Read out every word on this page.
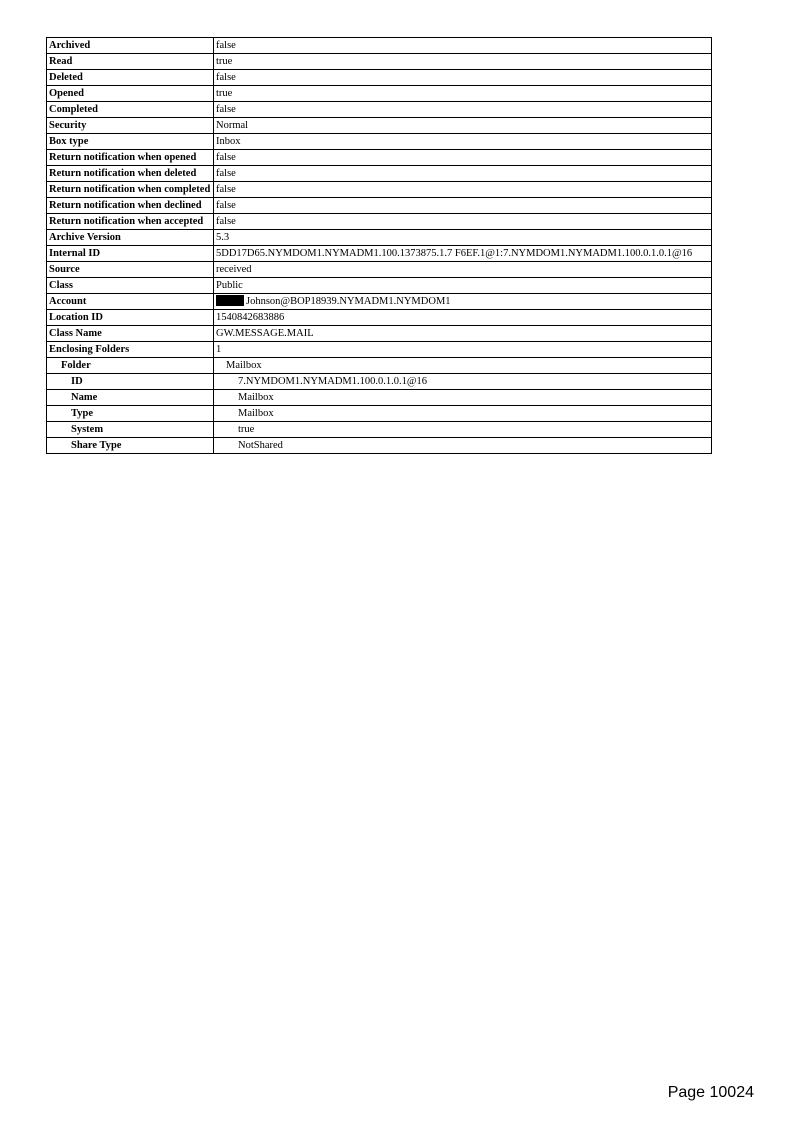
Archived	false
Read	true
Deleted	false
Opened	true
Completed	false
Security	Normal
Box type	Inbox
Return notification when opened	false
Return notification when deleted	false
Return notification when completed	false
Return notification when declined	false
Return notification when accepted	false
Archive Version	5.3
Internal ID	5DD17D65.NYMDOM1.NYMADM1.100.1373875.1.7 F6EF.1@1:7.NYMDOM1.NYMADM1.100.0.1.0.1@16
Source	received
Class	Public
Account	Johnson@BOP18939.NYMADM1.NYMDOM1
Location ID	1540842683886
Class Name	GW.MESSAGE.MAIL
Enclosing Folders	1
Folder	Mailbox
ID	7.NYMDOM1.NYMADM1.100.0.1.0.1@16
Name	Mailbox
Type	Mailbox
System	true
Share Type	NotShared
Page 10024
